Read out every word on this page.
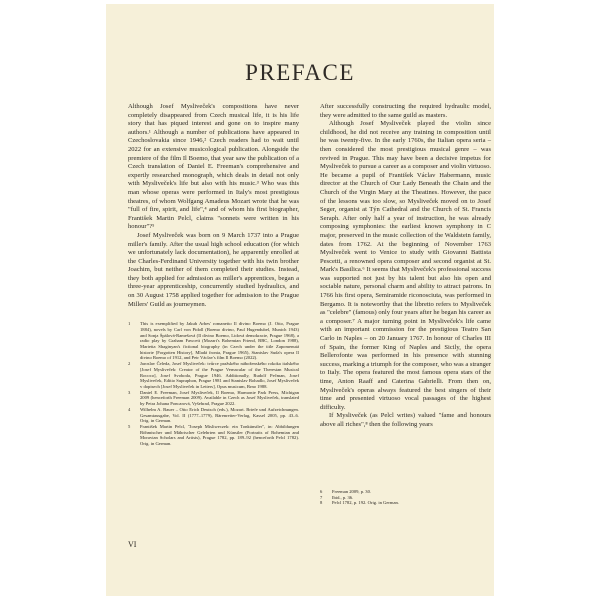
PREFACE

Although Josef Mysliveček's compositions have never completely disappeared from Czech musical life, it is his life story that has piqued interest and gone on to inspire many authors.¹ Although a number of publications have appeared in Czechoslovakia since 1946,² Czech readers had to wait until 2022 for an extensive musicological publication. Alongside the premiere of the film Il Boemo, that year saw the publication of a Czech translation of Daniel E. Freeman's comprehensive and expertly researched monograph, which deals in detail not only with Mysliveček's life but also with his music.³ Who was this man whose operas were performed in Italy's most prestigious theatres, of whom Wolfgang Amadeus Mozart wrote that he was "full of fire, spirit, and life",⁴ and of whom his first biographer, František Martin Pelcl, claims "sonnets were written in his honour"?⁵

Josef Mysliveček was born on 9 March 1737 into a Prague miller's family. After the usual high school education (for which we unfortunately lack documentation), he apparently enrolled at the Charles-Ferdinand University together with his twin brother Joachim, but neither of them completed their studies. Instead, they both applied for admission as miller's apprentices, began a three-year apprenticeship, concurrently studied hydraulics, and on 30 August 1758 applied together for admission to the Prague Millers' Guild as journeymen.

1	This is exemplified by Jakub Arbes' romanetto Il divino Boemo (J. Otto, Prague 1884), novels by Carl von Pidoll (Boemo divino, Paul Hugendubel, Munich 1943) and Sonja Špálová-Ramešová (Il divino Boemo, Lidová demokracie, Prague 1968), a radio play by Graham Fawcett (Mozart's Bohemian Friend, BBC, London 1988), Marietta Shaginyan's fictional biography (in Czech under the title Zapomenutá historie [Forgotten History], Mladá fronta, Prague 1965), Stanislav Suda's opera Il divino Boemo of 1912, and Petr Václav's film Il Boemo (2022).
2	Jaroslav Čeleda, Josef Mysliveček: tvůrce pražského náboženského rokoka italského [Josef Mysliveček: Creator of the Prague Vernacular of the Theresian Musical Rococo], Josef Svoboda, Prague 1946. Additionally, Rudolf Pečman, Josef Mysliveček, Editio Supraphon, Prague 1981 and Stanislav Bohadlo, Josef Mysliveček v dopisech [Josef Mysliveček in Letters], Opus musicum, Brno 1988.
3	Daniel E. Freeman, Josef Mysliveček, Il Boemo, Harmonie Park Press, Michigan 2009 (henceforth Freeman 2009). Available in Czech as Josef Mysliveček, translated by Petra Johana Poncarová, Vyšehrad, Prague 2022.
4	Wilhelm A. Bauer – Otto Erich Deutsch (eds.), Mozart. Briefe und Aufzeichnungen. Gesamtausgabe, Vol. II (1777–1779), Bärenreiter-Verlag, Kassel 2005, pp. 43–6. Orig. in German.
5	František Martin Pelcl, "Joseph Misliweczek: ein Tonkünstler", in: Abbildungen Böhmischer und Mährischer Gelehrten und Künstler (Portraits of Bohemian and Moravian Scholars and Artists), Prague 1782, pp. 189–92 (henceforth Pelcl 1782). Orig. in German.

After successfully constructing the required hydraulic model, they were admitted to the same guild as masters.

Although Josef Mysliveček played the violin since childhood, he did not receive any training in composition until he was twenty-five. In the early 1760s, the Italian opera seria – then considered the most prestigious musical genre – was revived in Prague. This may have been a decisive impetus for Mysliveček to pursue a career as a composer and violin virtuoso. He became a pupil of František Václav Habermann, music director at the Church of Our Lady Beneath the Chain and the Church of the Virgin Mary at the Theatines. However, the pace of the lessons was too slow, so Mysliveček moved on to Josef Seger, organist at Týn Cathedral and the Church of St. Francis Seraph. After only half a year of instruction, he was already composing symphonies: the earliest known symphony in C major, preserved in the music collection of the Waldstein family, dates from 1762. At the beginning of November 1763 Mysliveček went to Venice to study with Giovanni Battista Pescetti, a renowned opera composer and second organist at St. Mark's Basilica.⁶ It seems that Mysliveček's professional success was supported not just by his talent but also his open and sociable nature, personal charm and ability to attract patrons. In 1766 his first opera, Semiramide riconosciuta, was performed in Bergamo. It is noteworthy that the libretto refers to Mysliveček as "celebre" (famous) only four years after he began his career as a composer.⁷ A major turning point in Mysliveček's life came with an important commission for the prestigious Teatro San Carlo in Naples – on 20 January 1767. In honour of Charles III of Spain, the former King of Naples and Sicily, the opera Bellerofonte was performed in his presence with stunning success, marking a triumph for the composer, who was a stranger to Italy. The opera featured the most famous opera stars of the time, Anton Raaff and Caterina Gabrielli. From then on, Mysliveček's operas always featured the best singers of their time and presented virtuoso vocal passages of the highest difficulty.

If Mysliveček (as Pelcl writes) valued "fame and honours above all riches",⁸ then the following years

6	Freeman 2009, p. 30.
7	Ibid., p. 36.
8	Pelcl 1782, p. 192. Orig. in German.
VI
